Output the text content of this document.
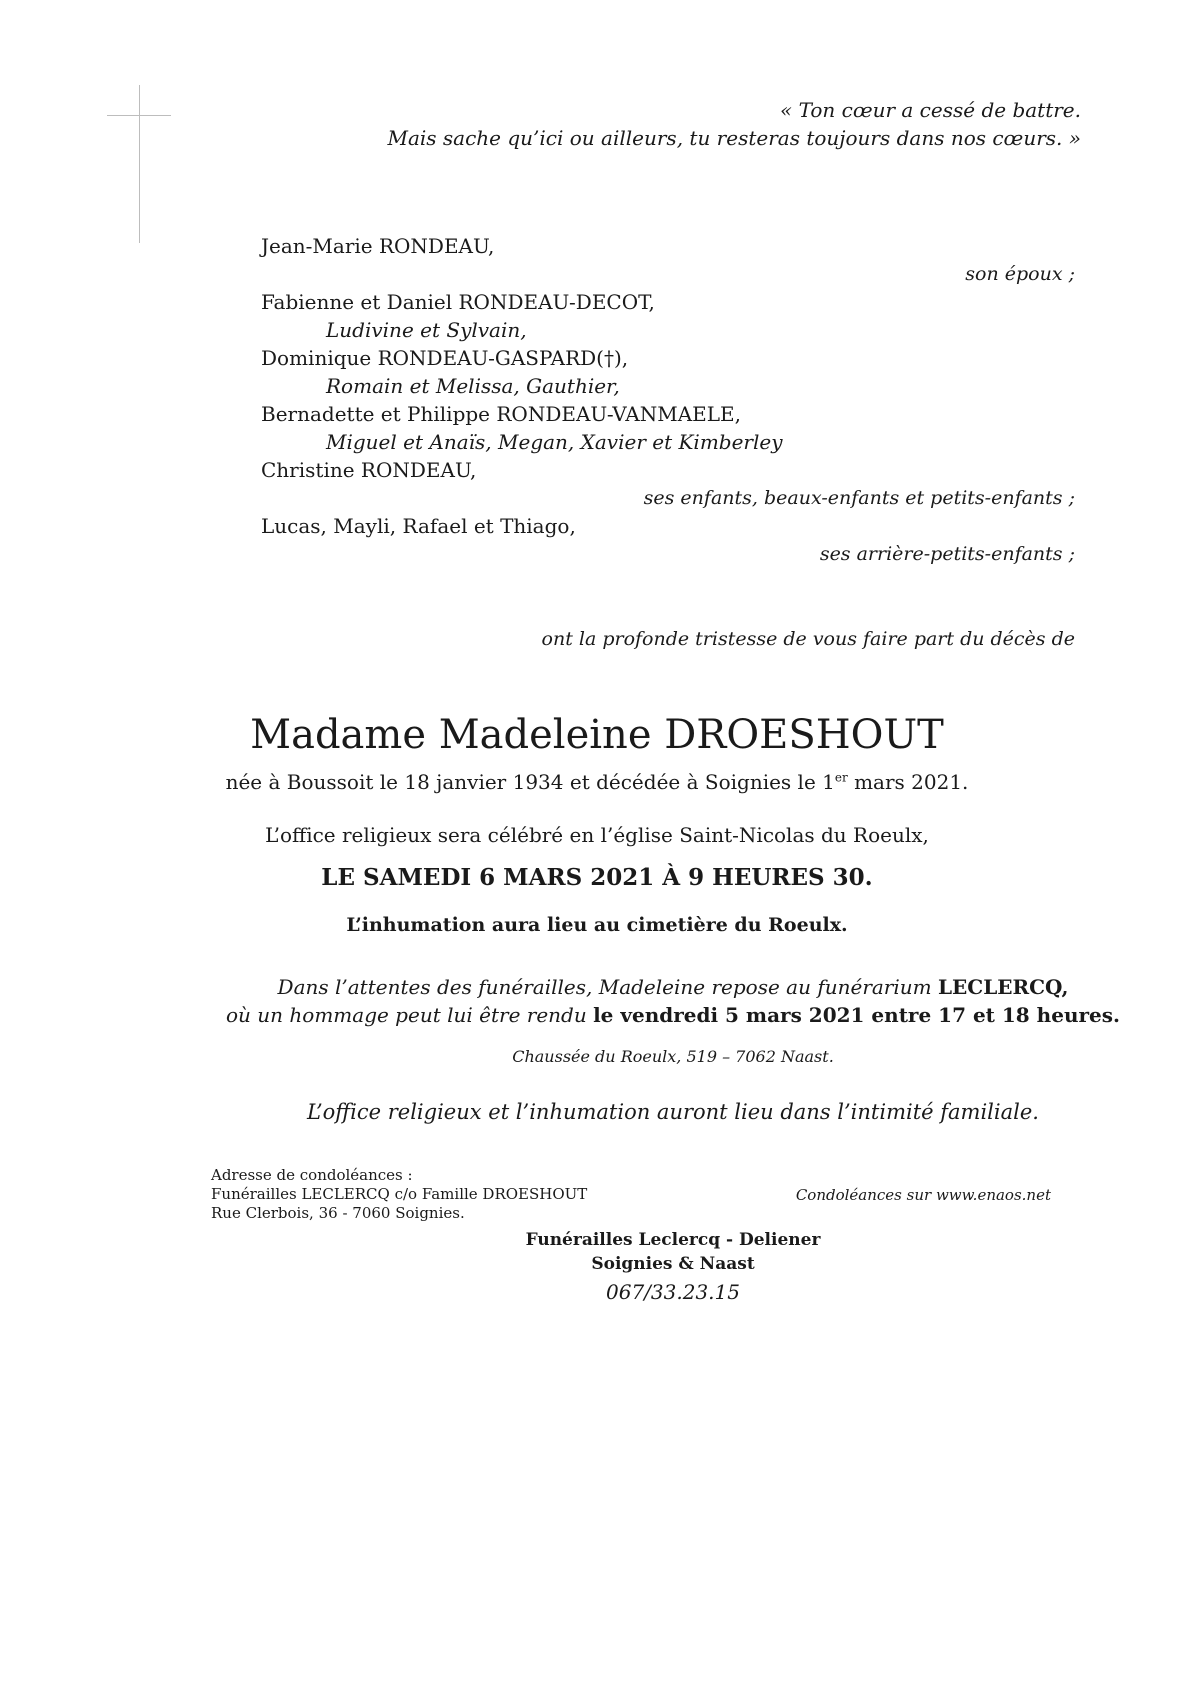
« Ton cœur a cessé de battre.
Mais sache qu’ici ou ailleurs, tu resteras toujours dans nos cœurs. »
Jean-Marie RONDEAU,
son époux ;
Fabienne et Daniel RONDEAU-DECOT,
Ludivine et Sylvain,
Dominique RONDEAU-GASPARD(†),
Romain et Melissa, Gauthier,
Bernadette et Philippe RONDEAU-VANMAELE,
Miguel et Anaïs, Megan, Xavier et Kimberley
Christine RONDEAU,
ses enfants, beaux-enfants et petits-enfants ;
Lucas, Mayli, Rafael et Thiago,
ses arrière-petits-enfants ;
ont la profonde tristesse de vous faire part du décès de
Madame Madeleine DROESHOUT
née à Boussoit le 18 janvier 1934 et décédée à Soignies le 1er mars 2021.
L’office religieux sera célébré en l’église Saint-Nicolas du Roeulx,
LE SAMEDI 6 MARS 2021 À 9 HEURES 30.
L’inhumation aura lieu au cimetière du Roeulx.
Dans l’attentes des funérailles, Madeleine repose au funérarium LECLERCQ,
où un hommage peut lui être rendu le vendredi 5 mars 2021 entre 17 et 18 heures.
Chaussée du Roeulx, 519 – 7062 Naast.
L’office religieux et l’inhumation auront lieu dans l’intimité familiale.
Adresse de condoléances :
Funérailles LECLERCQ c/o Famille DROESHOUT
Rue Clerbois, 36 - 7060 Soignies.
Condoléances sur www.enaos.net
Funérailles Leclercq - Deliener
Soignies & Naast
067/33.23.15
